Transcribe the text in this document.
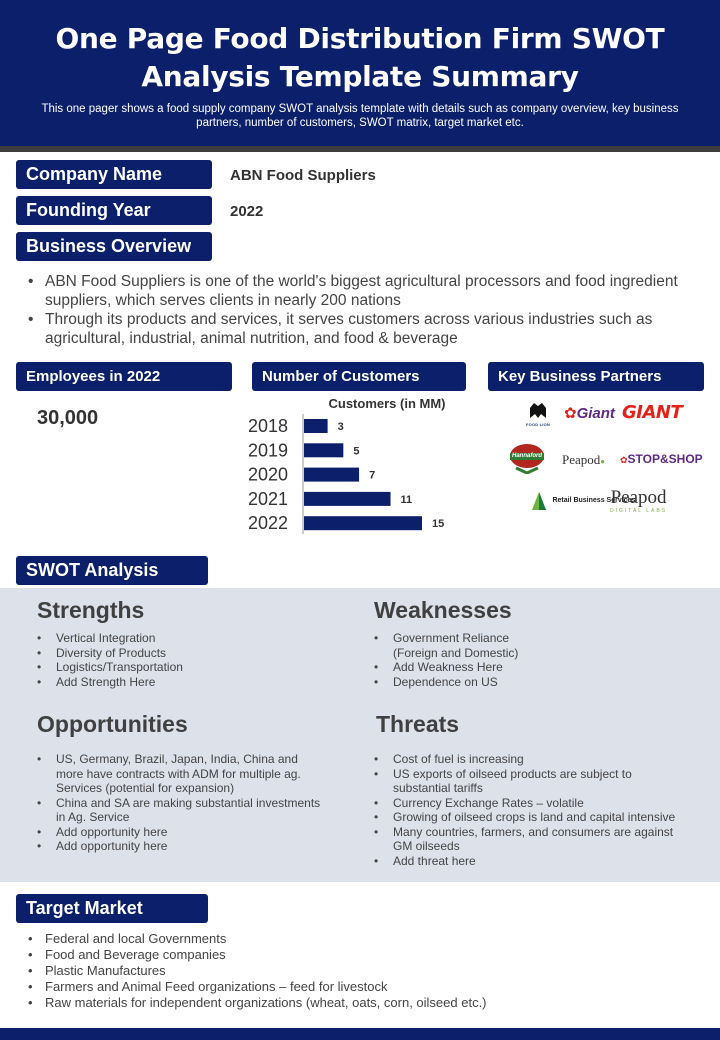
One Page Food Distribution Firm SWOT Analysis Template Summary
This one pager shows a food supply company SWOT analysis template with details such as company overview, key business partners, number of customers, SWOT matrix, target market etc.
Company Name	ABN Food Suppliers
Founding Year	2022
Business Overview
• ABN Food Suppliers is one of the world's biggest agricultural processors and food ingredient suppliers, which serves clients in nearly 200 nations
• Through its products and services, it serves customers across various industries such as agricultural, industrial, animal nutrition, and food & beverage
Employees in 2022	Number of Customers	Key Business Partners
30,000
Customers (in MM)
2018	3
2019	5
2020	7
2021	11
2022	15
FOOD LION
✿Giant GIANT
Hannaford Peapod● ✿STOP&SHOP
Retail Business Services
Peapod
DIGITAL LABS
SWOT Analysis
Strengths
• Vertical Integration
• Diversity of Products
• Logistics/Transportation
• Add Strength Here
Weaknesses
• Government Reliance (Foreign and Domestic)
• Add Weakness Here
• Dependence on US
Opportunities
• US, Germany, Brazil, Japan, India, China and more have contracts with ADM for multiple ag. Services (potential for expansion)
• China and SA are making substantial investments in Ag. Service
• Add opportunity here
• Add opportunity here
Threats
• Cost of fuel is increasing
• US exports of oilseed products are subject to substantial tariffs
• Currency Exchange Rates – volatile
• Growing of oilseed crops is land and capital intensive
• Many countries, farmers, and consumers are against GM oilseeds
• Add threat here
Target Market
• Federal and local Governments
• Food and Beverage companies
• Plastic Manufactures
• Farmers and Animal Feed organizations – feed for livestock
• Raw materials for independent organizations (wheat, oats, corn, oilseed etc.)
